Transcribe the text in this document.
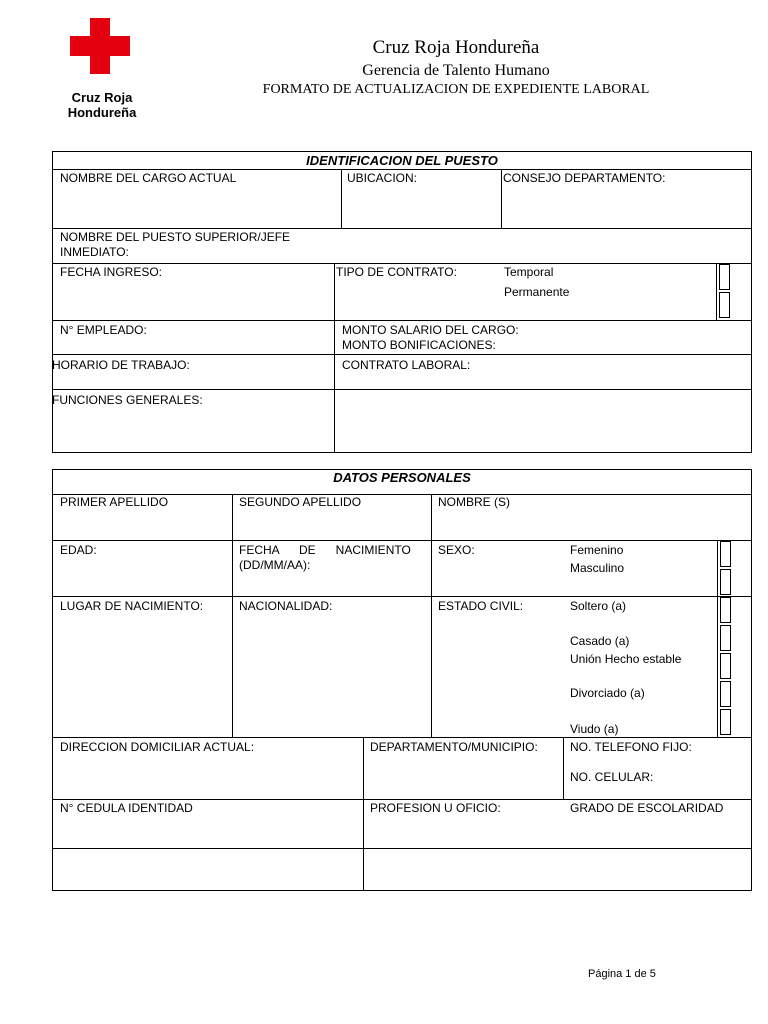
Cruz Roja
Hondureña
Cruz Roja Hondureña
Gerencia de Talento Humano
FORMATO DE ACTUALIZACION DE EXPEDIENTE LABORAL
IDENTIFICACION DEL PUESTO
NOMBRE DEL CARGO ACTUAL	UBICACION:	CONSEJO DEPARTAMENTO:
NOMBRE DEL PUESTO SUPERIOR/JEFE
INMEDIATO:
FECHA INGRESO:	TIPO DE CONTRATO:	Temporal
Permanente
N° EMPLEADO:	MONTO SALARIO DEL CARGO:
MONTO BONIFICACIONES:
HORARIO DE TRABAJO:	CONTRATO LABORAL:
FUNCIONES GENERALES:
DATOS PERSONALES
PRIMER APELLIDO	SEGUNDO APELLIDO	NOMBRE (S)
EDAD:	FECHA      DE      NACIMIENTO
(DD/MM/AA):
SEXO:	Femenino
Masculino
LUGAR DE NACIMIENTO:	NACIONALIDAD:	ESTADO CIVIL:	Soltero (a)
Casado (a)
Unión Hecho estable
Divorciado (a)
Viudo (a)
DIRECCION DOMICILIAR ACTUAL:	DEPARTAMENTO/MUNICIPIO:	NO. TELEFONO FIJO:
NO. CELULAR:
N° CEDULA IDENTIDAD	PROFESION U OFICIO:	GRADO DE ESCOLARIDAD
Página 1 de 5
